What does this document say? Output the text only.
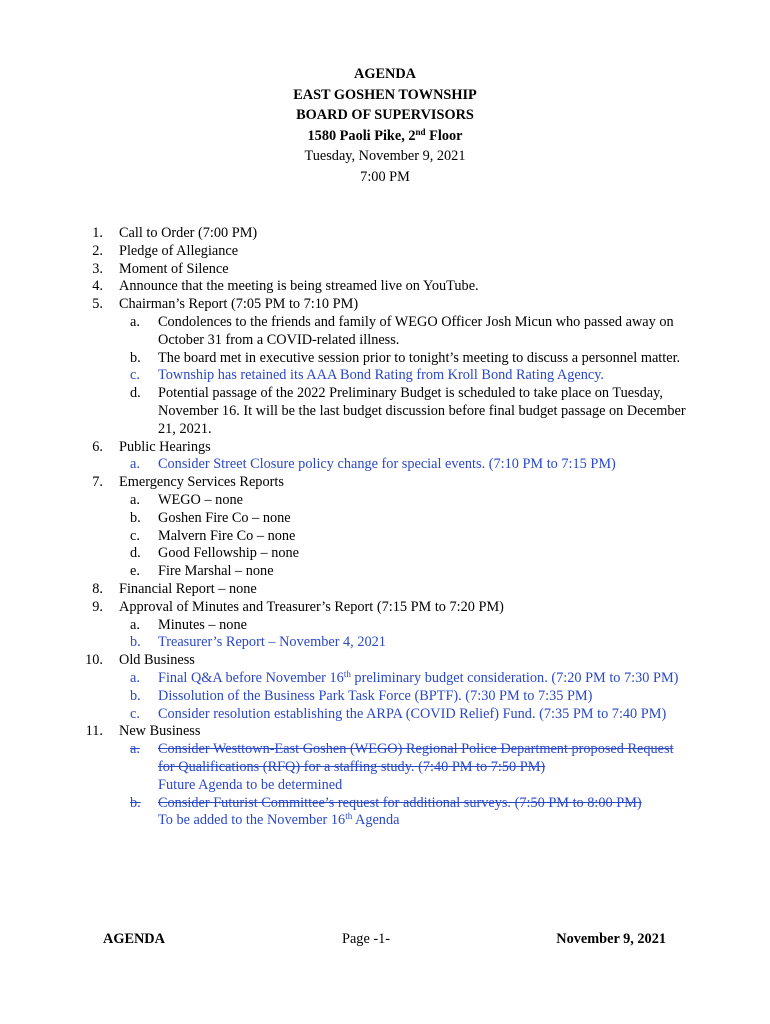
AGENDA
EAST GOSHEN TOWNSHIP
BOARD OF SUPERVISORS
1580 Paoli Pike, 2nd Floor
Tuesday, November 9, 2021
7:00 PM
1. Call to Order (7:00 PM)
2. Pledge of Allegiance
3. Moment of Silence
4. Announce that the meeting is being streamed live on YouTube.
5. Chairman’s Report (7:05 PM to 7:10 PM)
a. Condolences to the friends and family of WEGO Officer Josh Micun who passed away on October 31 from a COVID-related illness.
b. The board met in executive session prior to tonight’s meeting to discuss a personnel matter.
c. Township has retained its AAA Bond Rating from Kroll Bond Rating Agency.
d. Potential passage of the 2022 Preliminary Budget is scheduled to take place on Tuesday, November 16. It will be the last budget discussion before final budget passage on December 21, 2021.
6. Public Hearings
a. Consider Street Closure policy change for special events. (7:10 PM to 7:15 PM)
7. Emergency Services Reports
a. WEGO – none
b. Goshen Fire Co – none
c. Malvern Fire Co – none
d. Good Fellowship – none
e. Fire Marshal – none
8. Financial Report – none
9. Approval of Minutes and Treasurer’s Report (7:15 PM to 7:20 PM)
a. Minutes – none
b. Treasurer’s Report – November 4, 2021
10. Old Business
a. Final Q&A before November 16th preliminary budget consideration. (7:20 PM to 7:30 PM)
b. Dissolution of the Business Park Task Force (BPTF). (7:30 PM to 7:35 PM)
c. Consider resolution establishing the ARPA (COVID Relief) Fund. (7:35 PM to 7:40 PM)
11. New Business
a. Consider Westtown-East Goshen (WEGO) Regional Police Department proposed Request for Qualifications (RFQ) for a staffing study. (7:40 PM to 7:50 PM)
Future Agenda to be determined
b. Consider Futurist Committee’s request for additional surveys. (7:50 PM to 8:00 PM)
To be added to the November 16th Agenda
AGENDA	Page -1-	November 9, 2021
